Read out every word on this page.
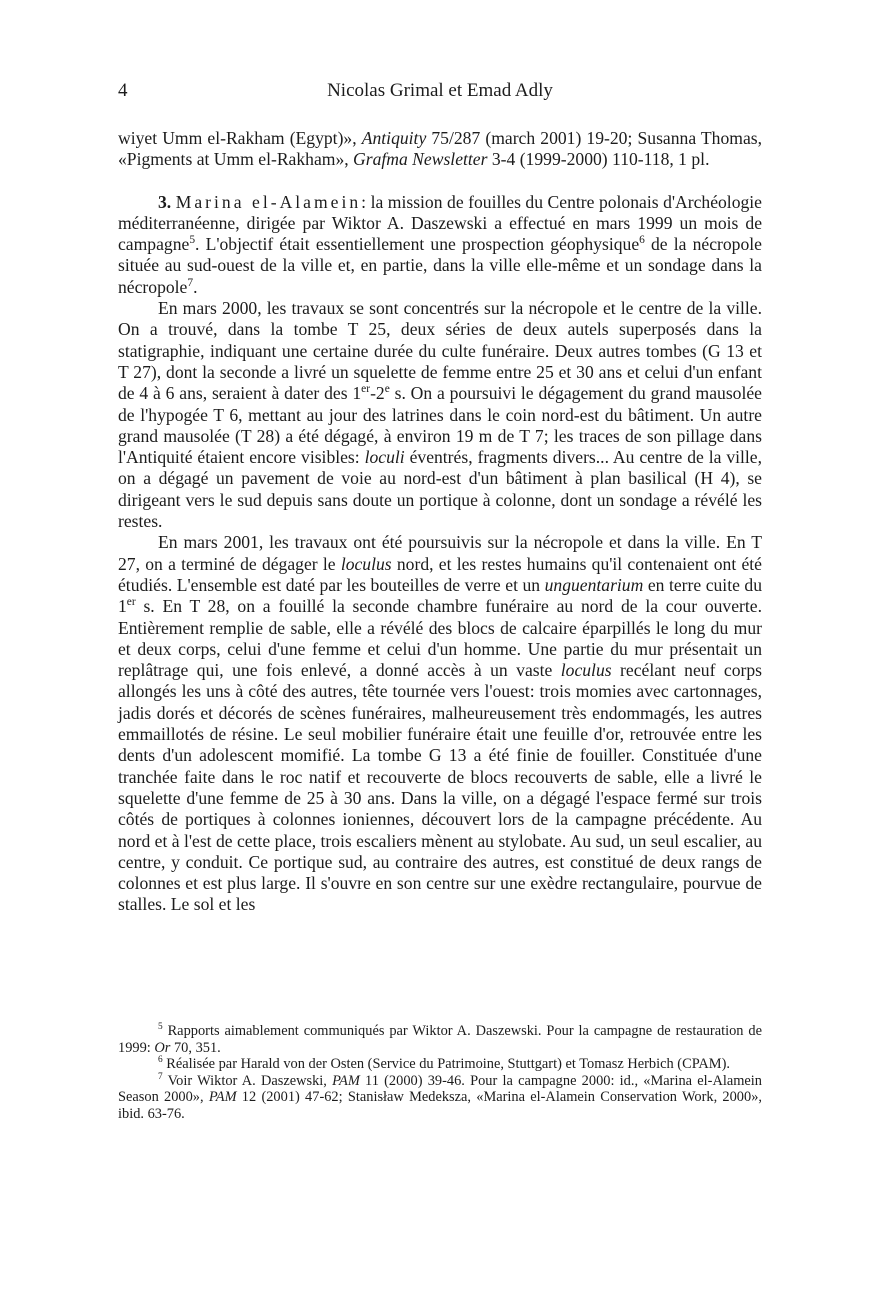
4	Nicolas Grimal et Emad Adly

wiyet Umm el-Rakham (Egypt)», Antiquity 75/287 (march 2001) 19-20; Susanna Thomas, «Pigments at Umm el-Rakham», Grafma Newsletter 3-4 (1999-2000) 110-118, 1 pl.

3. Marina el-Alamein: la mission de fouilles du Centre polonais d'Archéologie méditerranéenne, dirigée par Wiktor A. Daszewski a effectué en mars 1999 un mois de campagne$^5$. L'objectif était essentiellement une prospection géophysique$^6$ de la nécropole située au sud-ouest de la ville et, en partie, dans la ville elle-même et un sondage dans la nécropole$^7$.

En mars 2000, les travaux se sont concentrés sur la nécropole et le centre de la ville. On a trouvé, dans la tombe T 25, deux séries de deux autels superposés dans la statigraphie, indiquant une certaine durée du culte funéraire. Deux autres tombes (G 13 et T 27), dont la seconde a livré un squelette de femme entre 25 et 30 ans et celui d'un enfant de 4 à 6 ans, seraient à dater des 1er-2e s. On a poursuivi le dégagement du grand mausolée de l'hypogée T 6, mettant au jour des latrines dans le coin nord-est du bâtiment. Un autre grand mausolée (T 28) a été dégagé, à environ 19 m de T 7; les traces de son pillage dans l'Antiquité étaient encore visibles: loculi éventrés, fragments divers... Au centre de la ville, on a dégagé un pavement de voie au nord-est d'un bâtiment à plan basilical (H 4), se dirigeant vers le sud depuis sans doute un portique à colonne, dont un sondage a révélé les restes.

En mars 2001, les travaux ont été poursuivis sur la nécropole et dans la ville. En T 27, on a terminé de dégager le loculus nord, et les restes humains qu'il contenaient ont été étudiés. L'ensemble est daté par les bouteilles de verre et un unguentarium en terre cuite du 1er s. En T 28, on a fouillé la seconde chambre funéraire au nord de la cour ouverte. Entièrement remplie de sable, elle a révélé des blocs de calcaire éparpillés le long du mur et deux corps, celui d'une femme et celui d'un homme. Une partie du mur présentait un replâtrage qui, une fois enlevé, a donné accès à un vaste loculus recélant neuf corps allongés les uns à côté des autres, tête tournée vers l'ouest: trois momies avec cartonnages, jadis dorés et décorés de scènes funéraires, malheureusement très endommagés, les autres emmaillotés de résine. Le seul mobilier funéraire était une feuille d'or, retrouvée entre les dents d'un adolescent momifié. La tombe G 13 a été finie de fouiller. Constituée d'une tranchée faite dans le roc natif et recouverte de blocs recouverts de sable, elle a livré le squelette d'une femme de 25 à 30 ans. Dans la ville, on a dégagé l'espace fermé sur trois côtés de portiques à colonnes ioniennes, découvert lors de la campagne précédente. Au nord et à l'est de cette place, trois escaliers mènent au stylobate. Au sud, un seul escalier, au centre, y conduit. Ce portique sud, au contraire des autres, est constitué de deux rangs de colonnes et est plus large. Il s'ouvre en son centre sur une exèdre rectangulaire, pourvue de stalles. Le sol et les

$^5$ Rapports aimablement communiqués par Wiktor A. Daszewski. Pour la campagne de restauration de 1999: Or 70, 351.

$^6$ Réalisée par Harald von der Osten (Service du Patrimoine, Stuttgart) et Tomasz Herbich (CPAM).

$^7$ Voir Wiktor A. Daszewski, PAM 11 (2000) 39-46. Pour la campagne 2000: id., «Marina el-Alamein Season 2000», PAM 12 (2001) 47-62; Stanisław Medeksza, «Marina el-Alamein Conservation Work, 2000», ibid. 63-76.
